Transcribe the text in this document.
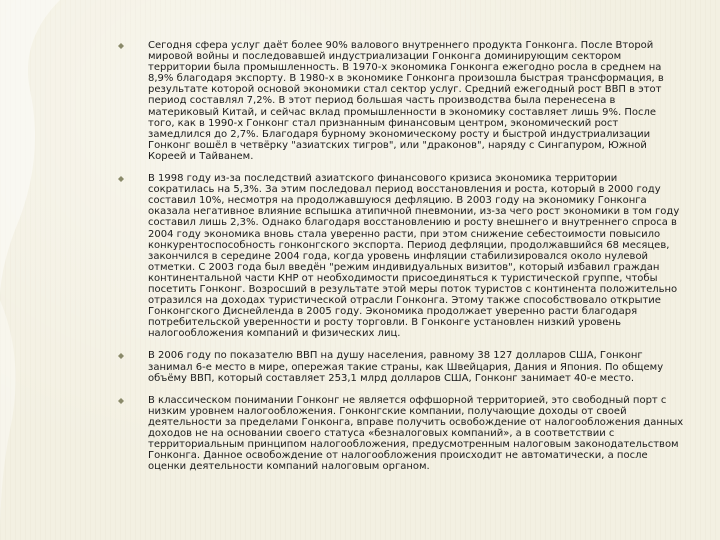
Сегодня сфера услуг даёт более 90% валового внутреннего продукта Гонконга. После Второй мировой войны и последовавшей индустриализации Гонконга доминирующим сектором территории была промышленность. В 1970-х экономика Гонконга ежегодно росла в среднем на 8,9% благодаря экспорту. В 1980-х в экономике Гонконга произошла быстрая трансформация, в результате которой основой экономики стал сектор услуг. Средний ежегодный рост ВВП в этот период составлял 7,2%. В этот период большая часть производства была перенесена в материковый Китай, и сейчас вклад промышленности в экономику составляет лишь 9%. После того, как в 1990-х Гонконг стал признанным финансовым центром, экономический рост замедлился до 2,7%. Благодаря бурному экономическому росту и быстрой индустриализации Гонконг вошёл в четвёрку "азиатских тигров", или "драконов", наряду с Сингапуром, Южной Кореей и Тайванем.
В 1998 году из-за последствий азиатского финансового кризиса экономика территории сократилась на 5,3%. За этим последовал период восстановления и роста, который в 2000 году составил 10%, несмотря на продолжавшуюся дефляцию. В 2003 году на экономику Гонконга оказала негативное влияние вспышка атипичной пневмонии, из-за чего рост экономики в том году составил лишь 2,3%. Однако благодаря восстановлению и росту внешнего и внутреннего спроса в 2004 году экономика вновь стала уверенно расти, при этом снижение себестоимости повысило конкурентоспособность гонконгского экспорта. Период дефляции, продолжавшийся 68 месяцев, закончился в середине 2004 года, когда уровень инфляции стабилизировался около нулевой отметки. С 2003 года был введён "режим индивидуальных визитов", который избавил граждан континентальной части КНР от необходимости присоединяться к туристической группе, чтобы посетить Гонконг. Возросший в результате этой меры поток туристов с континента положительно отразился на доходах туристической отрасли Гонконга. Этому также способствовало открытие Гонконгского Диснейленда в 2005 году. Экономика продолжает уверенно расти благодаря потребительской уверенности и росту торговли. В Гонконге установлен низкий уровень налогообложения компаний и физических лиц.
В 2006 году по показателю ВВП на душу населения, равному 38 127 долларов США, Гонконг занимал 6-е место в мире, опережая такие страны, как Швейцария, Дания и Япония. По общему объёму ВВП, который составляет 253,1 млрд долларов США, Гонконг занимает 40-е место.
В классическом понимании Гонконг не является оффшорной территорией, это свободный порт с низким уровнем налогообложения. Гонконгские компании, получающие доходы от своей деятельности за пределами Гонконга, вправе получить освобождение от налогообложения данных доходов не на основании своего статуса «безналоговых компаний», а в соответствии с территориальным принципом налогообложения, предусмотренным налоговым законодательством Гонконга. Данное освобождение от налогообложения происходит не автоматически, а после оценки деятельности компаний налоговым органом.
